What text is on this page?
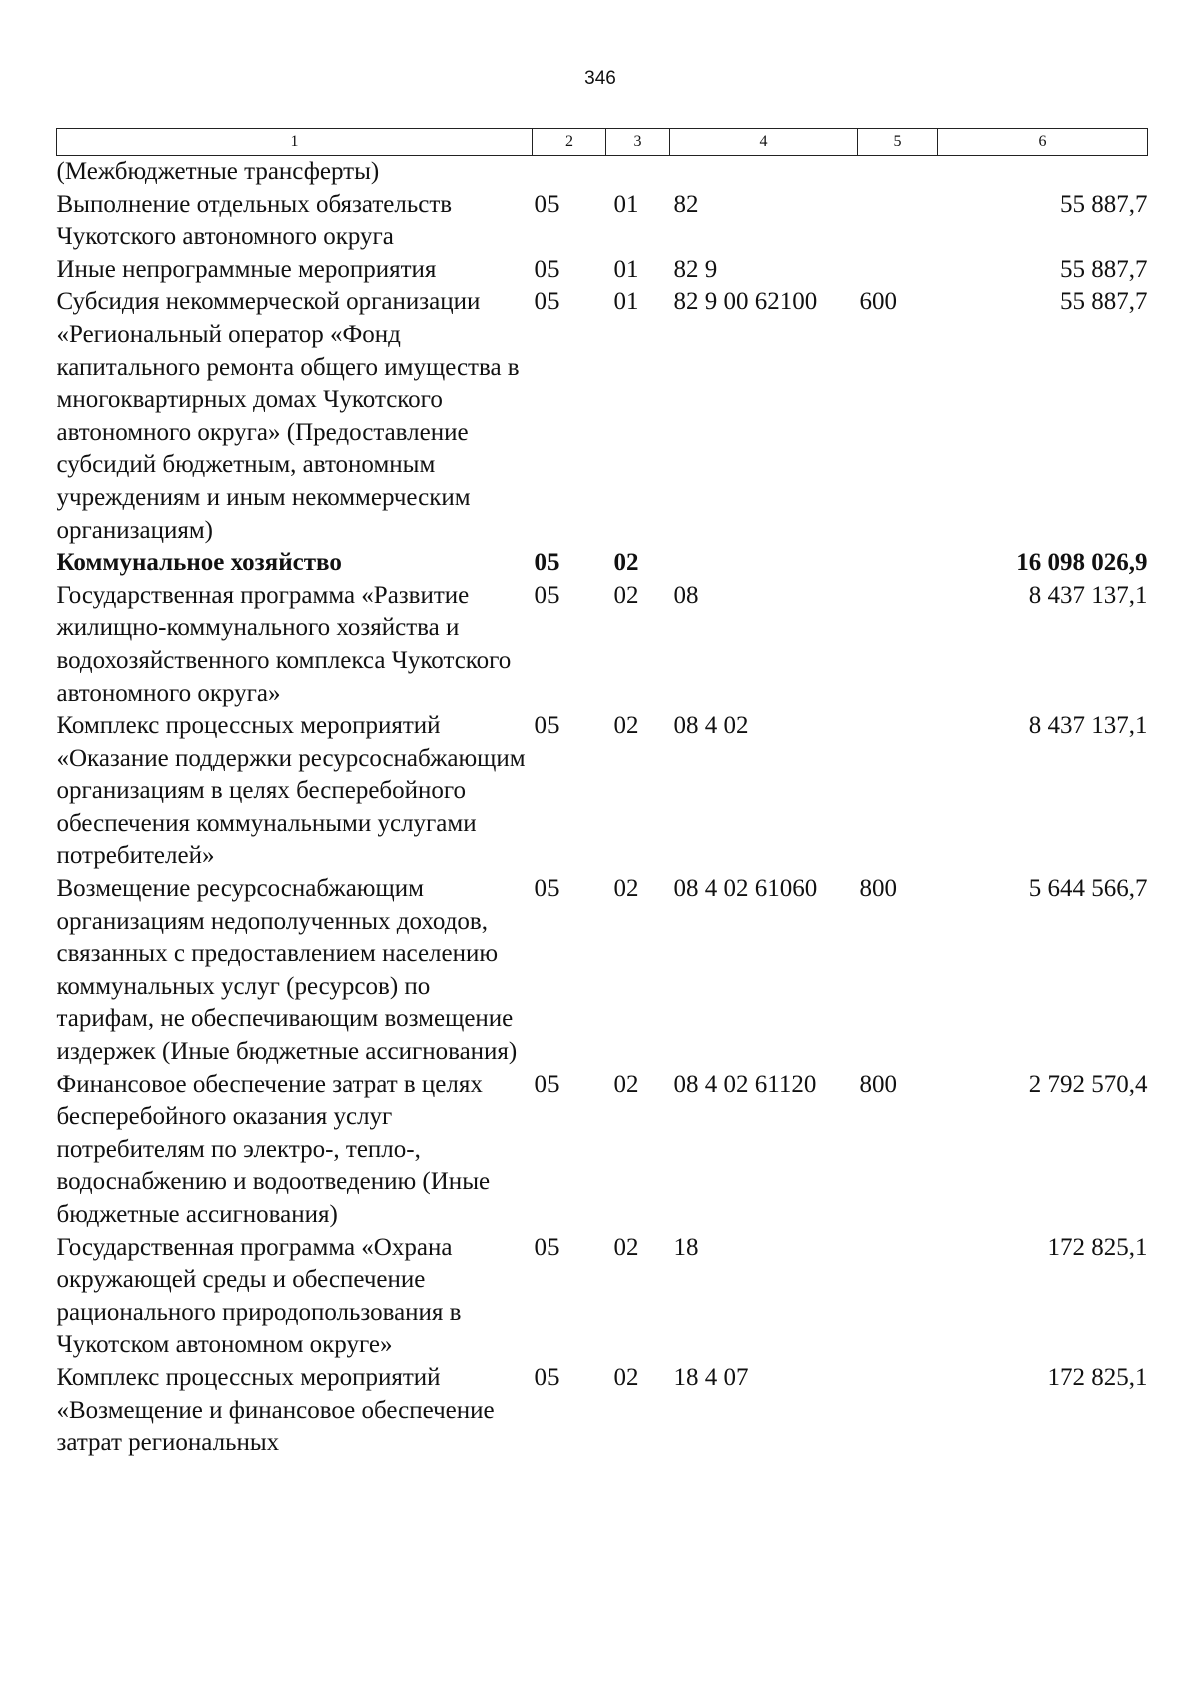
346
1	2	3	4	5	6
(Межбюджетные трансферты)					
Выполнение отдельных обязательств Чукотского автономного округа	05	01	82		55 887,7
Иные непрограммные мероприятия	05	01	82 9		55 887,7
Субсидия некоммерческой организации «Региональный оператор «Фонд капитального ремонта общего имущества в многоквартирных домах Чукотского автономного округа» (Предоставление субсидий бюджетным, автономным учреждениям и иным некоммерческим организациям)	05	01	82 9 00 62100	600	55 887,7
Коммунальное хозяйство	05	02			16 098 026,9
Государственная программа «Развитие жилищно-коммунального хозяйства и водохозяйственного комплекса Чукотского автономного округа»	05	02	08		8 437 137,1
Комплекс процессных мероприятий «Оказание поддержки ресурсоснабжающим организациям в целях бесперебойного обеспечения коммунальными услугами потребителей»	05	02	08 4 02		8 437 137,1
Возмещение ресурсоснабжающим организациям недополученных доходов, связанных с предоставлением населению коммунальных услуг (ресурсов) по тарифам, не обеспечивающим возмещение издержек (Иные бюджетные ассигнования)	05	02	08 4 02 61060	800	5 644 566,7
Финансовое обеспечение затрат в целях бесперебойного оказания услуг потребителям по электро-, тепло-, водоснабжению и водоотведению (Иные бюджетные ассигнования)	05	02	08 4 02 61120	800	2 792 570,4
Государственная программа «Охрана окружающей среды и обеспечение рационального природопользования в Чукотском автономном округе»	05	02	18		172 825,1
Комплекс процессных мероприятий «Возмещение и финансовое обеспечение затрат региональных	05	02	18 4 07		172 825,1
